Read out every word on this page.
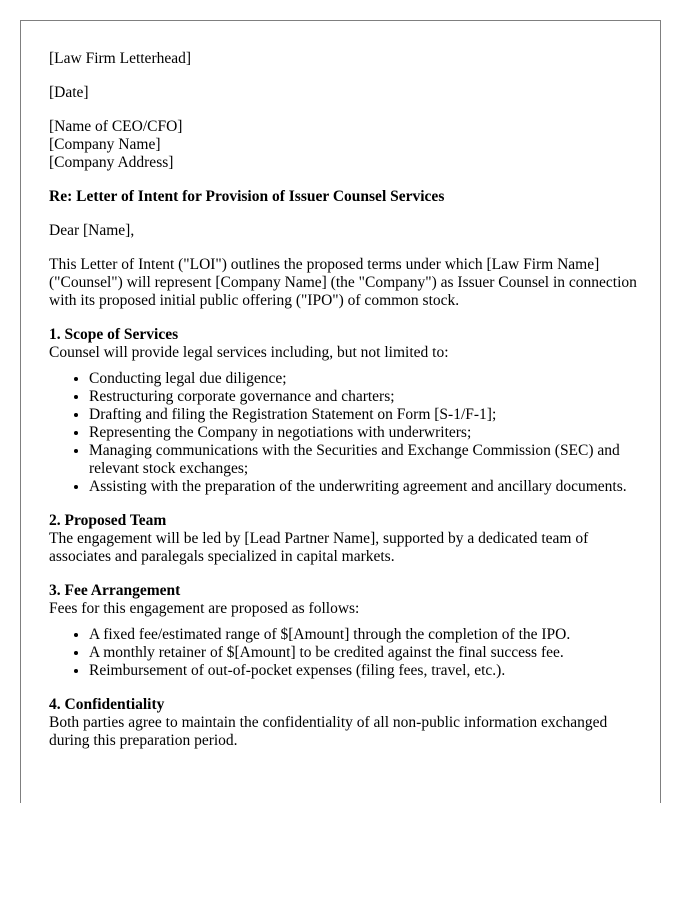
[Law Firm Letterhead]

[Date]

[Name of CEO/CFO]
[Company Name]
[Company Address]

Re: Letter of Intent for Provision of Issuer Counsel Services

Dear [Name],

This Letter of Intent ("LOI") outlines the proposed terms under which [Law Firm Name] ("Counsel") will represent [Company Name] (the "Company") as Issuer Counsel in connection with its proposed initial public offering ("IPO") of common stock.

1. Scope of Services

Counsel will provide legal services including, but not limited to:

• Conducting legal due diligence;
• Restructuring corporate governance and charters;
• Drafting and filing the Registration Statement on Form [S-1/F-1];
• Representing the Company in negotiations with underwriters;
• Managing communications with the Securities and Exchange Commission (SEC) and relevant stock exchanges;
• Assisting with the preparation of the underwriting agreement and ancillary documents.

2. Proposed Team

The engagement will be led by [Lead Partner Name], supported by a dedicated team of associates and paralegals specialized in capital markets.

3. Fee Arrangement

Fees for this engagement are proposed as follows:

• A fixed fee/estimated range of $[Amount] through the completion of the IPO.
• A monthly retainer of $[Amount] to be credited against the final success fee.
• Reimbursement of out-of-pocket expenses (filing fees, travel, etc.).

4. Confidentiality

Both parties agree to maintain the confidentiality of all non-public information exchanged during this preparation period.
